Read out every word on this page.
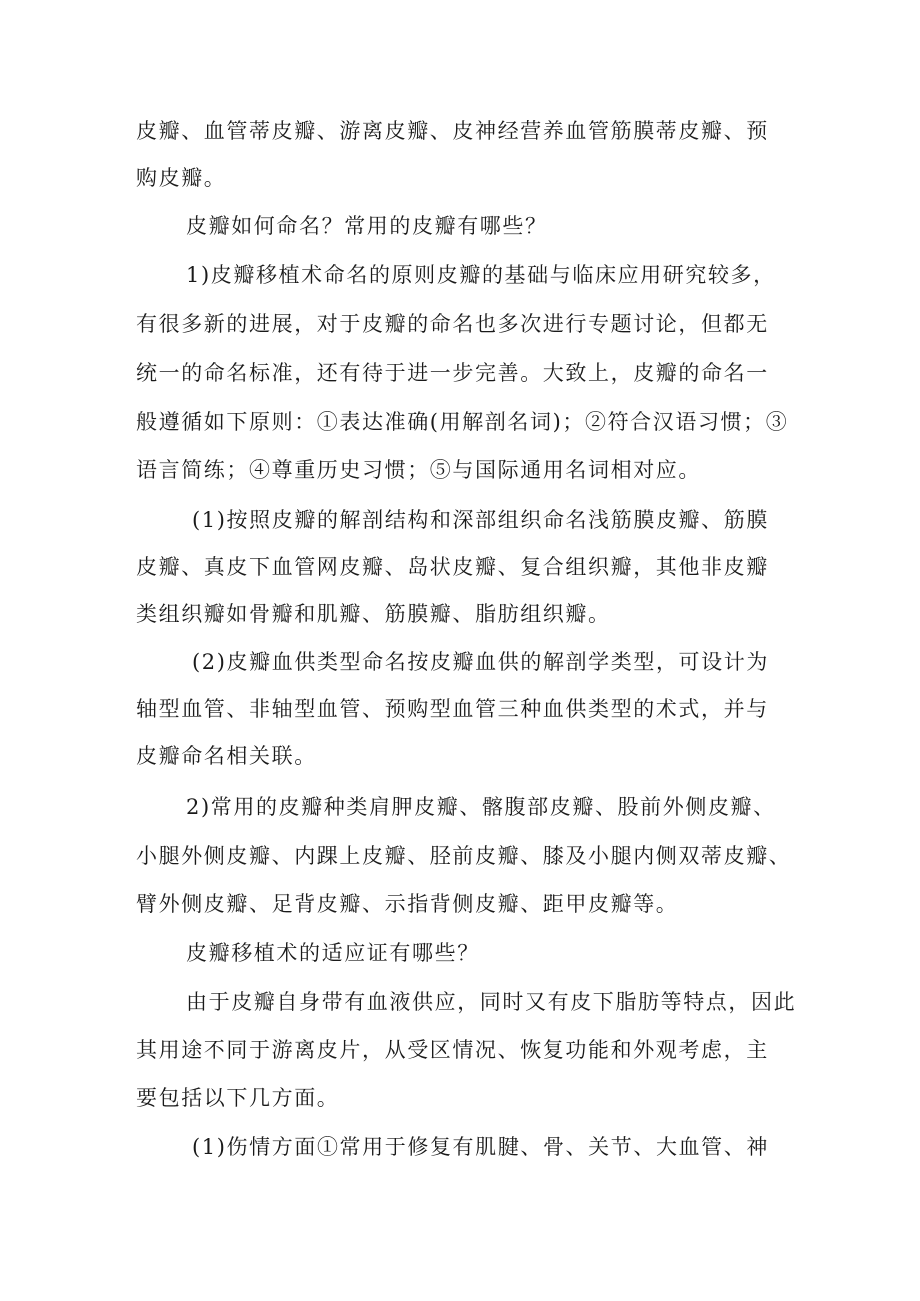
皮瓣、血管蒂皮瓣、游离皮瓣、皮神经营养血管筋膜蒂皮瓣、预
购皮瓣。
皮瓣如何命名？常用的皮瓣有哪些？
1)皮瓣移植术命名的原则皮瓣的基础与临床应用研究较多，
有很多新的进展，对于皮瓣的命名也多次进行专题讨论，但都无
统一的命名标准，还有待于进一步完善。大致上，皮瓣的命名一
般遵循如下原则：①表达准确(用解剖名词)；②符合汉语习惯；③
语言简练；④尊重历史习惯；⑤与国际通用名词相对应。
(1)按照皮瓣的解剖结构和深部组织命名浅筋膜皮瓣、筋膜
皮瓣、真皮下血管网皮瓣、岛状皮瓣、复合组织瓣，其他非皮瓣
类组织瓣如骨瓣和肌瓣、筋膜瓣、脂肪组织瓣。
(2)皮瓣血供类型命名按皮瓣血供的解剖学类型，可设计为
轴型血管、非轴型血管、预购型血管三种血供类型的术式，并与
皮瓣命名相关联。
2)常用的皮瓣种类肩胛皮瓣、髂腹部皮瓣、股前外侧皮瓣、
小腿外侧皮瓣、内踝上皮瓣、胫前皮瓣、膝及小腿内侧双蒂皮瓣、
臂外侧皮瓣、足背皮瓣、示指背侧皮瓣、距甲皮瓣等。
皮瓣移植术的适应证有哪些？
由于皮瓣自身带有血液供应，同时又有皮下脂肪等特点，因此
其用途不同于游离皮片，从受区情况、恢复功能和外观考虑，主
要包括以下几方面。
(1)伤情方面①常用于修复有肌腱、骨、关节、大血管、神
